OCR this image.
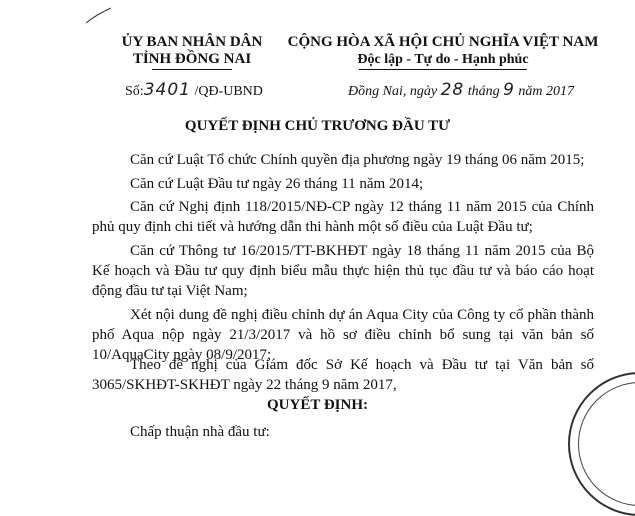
ỦY BAN NHÂN DÂN
TỈNH ĐỒNG NAI
CỘNG HÒA XÃ HỘI CHỦ NGHĨA VIỆT NAM
Độc lập - Tự do - Hạnh phúc
Số:3401 /QĐ-UBND	Đồng Nai, ngày 28 tháng 9 năm 2017
QUYẾT ĐỊNH CHỦ TRƯƠNG ĐẦU TƯ
Căn cứ Luật Tổ chức Chính quyền địa phương ngày 19 tháng 06 năm 2015;
Căn cứ Luật Đầu tư ngày 26 tháng 11 năm 2014;
Căn cứ Nghị định 118/2015/NĐ-CP ngày 12 tháng 11 năm 2015 của Chính phủ quy định chi tiết và hướng dẫn thi hành một số điều của Luật Đầu tư;
Căn cứ Thông tư 16/2015/TT-BKHĐT ngày 18 tháng 11 năm 2015 của Bộ Kế hoạch và Đầu tư quy định biểu mẫu thực hiện thủ tục đầu tư và báo cáo hoạt động đầu tư tại Việt Nam;
Xét nội dung đề nghị điều chỉnh dự án Aqua City của Công ty cổ phần thành phố Aqua nộp ngày 21/3/2017 và hồ sơ điều chỉnh bổ sung tại văn bản số 10/AquaCity ngày 08/9/2017;
Theo đề nghị của Giám đốc Sở Kế hoạch và Đầu tư tại Văn bản số 3065/SKHĐT-SKHĐT ngày 22 tháng 9 năm 2017,
QUYẾT ĐỊNH:
Chấp thuận nhà đầu tư:
